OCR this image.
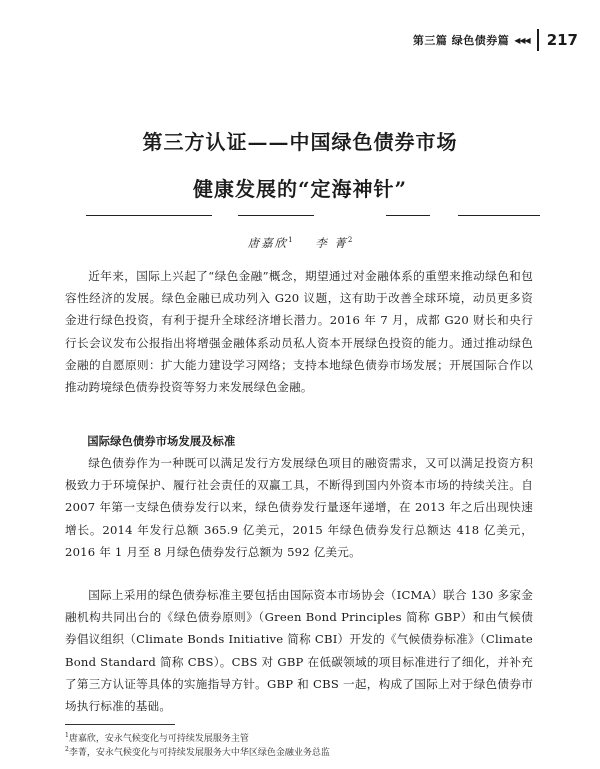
第三篇 绿色债券篇 ◀◀◀ 217
第三方认证——中国绿色债券市场
健康发展的“定海神针”
唐嘉欣$^1$ 李 菁$^2$

近年来，国际上兴起了“绿色金融”概念，期望通过对金融体系的重塑来推动绿色和包容性经济的发展。绿色金融已成功列入 G20 议题，这有助于改善全球环境，动员更多资金进行绿色投资，有利于提升全球经济增长潜力。2016 年 7 月，成都 G20 财长和央行行长会议发布公报指出将增强金融体系动员私人资本开展绿色投资的能力。通过推动绿色金融的自愿原则：扩大能力建设学习网络；支持本地绿色债券市场发展；开展国际合作以推动跨境绿色债券投资等努力来发展绿色金融。

国际绿色债券市场发展及标准

绿色债券作为一种既可以满足发行方发展绿色项目的融资需求，又可以满足投资方积极致力于环境保护、履行社会责任的双赢工具，不断得到国内外资本市场的持续关注。自 2007 年第一支绿色债券发行以来，绿色债券发行量逐年递增，在 2013 年之后出现快速增长。2014 年发行总额 365.9 亿美元，2015 年绿色债券发行总额达 418 亿美元，2016 年 1 月至 8 月绿色债券发行总额为 592 亿美元。

国际上采用的绿色债券标准主要包括由国际资本市场协会（ICMA）联合 130 多家金融机构共同出台的《绿色债券原则》（Green Bond Principles 简称 GBP）和由气候债券倡议组织（Climate Bonds Initiative 简称 CBI）开发的《气候债券标准》（Climate Bond Standard 简称 CBS）。CBS 对 GBP 在低碳领域的项目标准进行了细化，并补充了第三方认证等具体的实施指导方针。GBP 和 CBS 一起，构成了国际上对于绿色债券市场执行标准的基础。

$^1$唐嘉欣，安永气候变化与可持续发展服务主管

$^2$李菁，安永气候变化与可持续发展服务大中华区绿色金融业务总监
